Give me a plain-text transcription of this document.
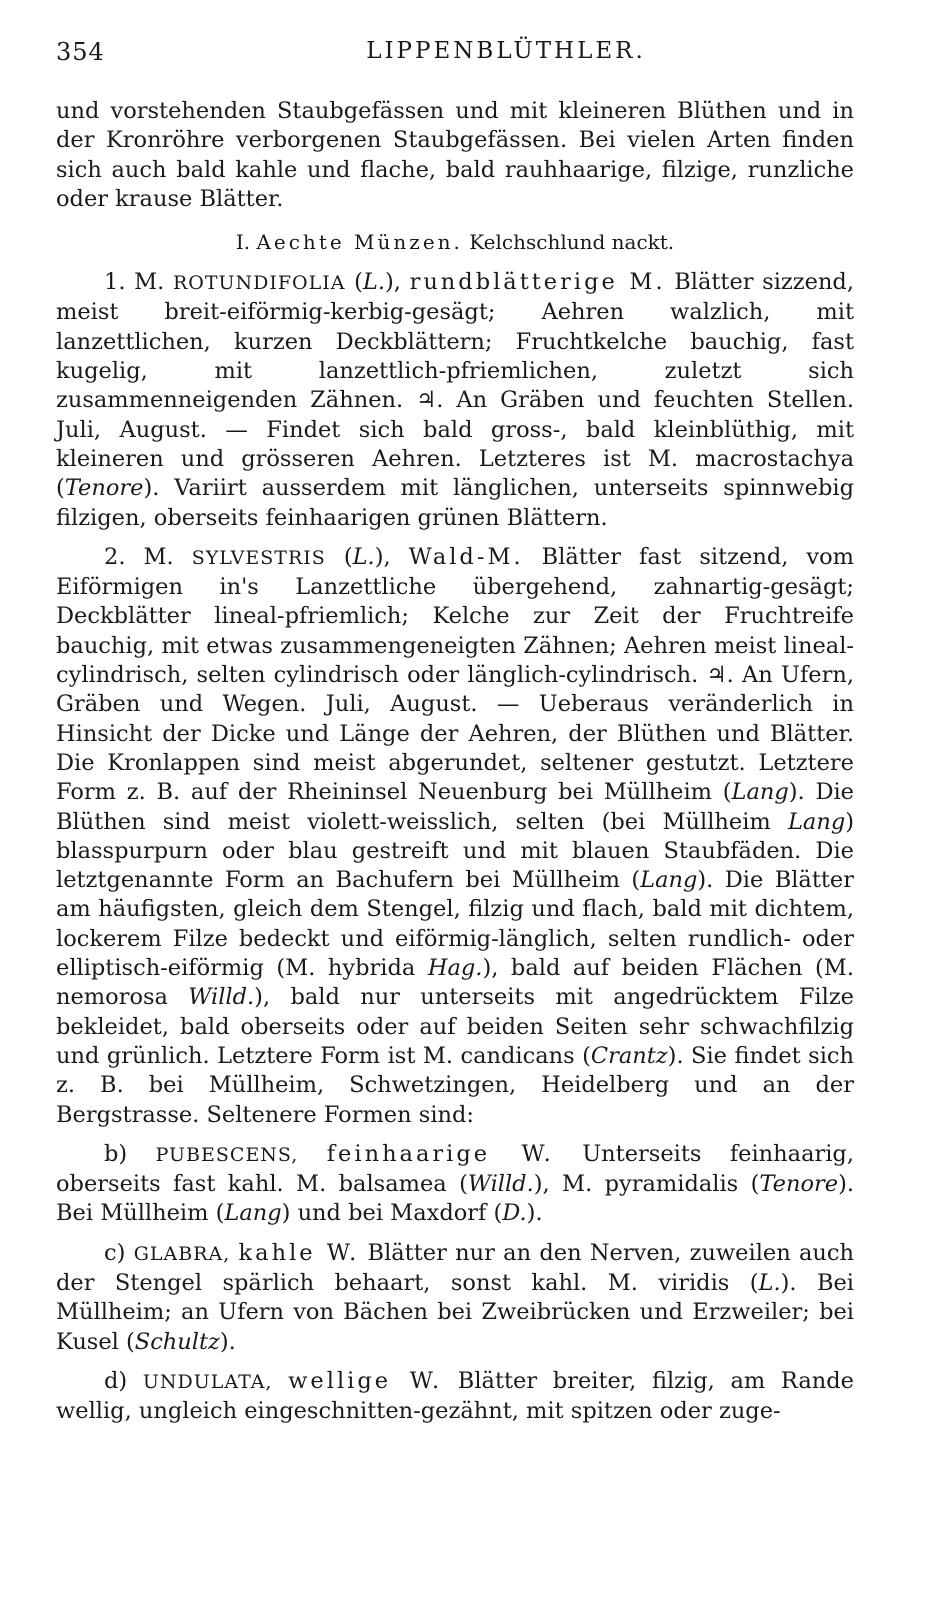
354	LIPPENBLÜTHLER.

und vorstehenden Staubgefässen und mit kleineren Blüthen und in der Kronröhre verborgenen Staubgefässen. Bei vielen Arten finden sich auch bald kahle und flache, bald rauhhaarige, filzige, runzliche oder krause Blätter.

I. Aechte Münzen. Kelchschlund nackt.

1. M. ROTUNDIFOLIA (L.), rundblätterige M. Blätter sizzend, meist breit-eiförmig-kerbig-gesägt; Aehren walzlich, mit lanzettlichen, kurzen Deckblättern; Fruchtkelche bauchig, fast kugelig, mit lanzettlich-pfriemlichen, zuletzt sich zusammenneigenden Zähnen. ♃. An Gräben und feuchten Stellen. Juli, August. — Findet sich bald gross-, bald kleinblüthig, mit kleineren und grösseren Aehren. Letzteres ist M. macrostachya (Tenore). Variirt ausserdem mit länglichen, unterseits spinnwebig filzigen, oberseits feinhaarigen grünen Blättern.

2. M. SYLVESTRIS (L.), Wald-M. Blätter fast sitzend, vom Eiförmigen in's Lanzettliche übergehend, zahnartig-gesägt; Deckblätter lineal-pfriemlich; Kelche zur Zeit der Fruchtreife bauchig, mit etwas zusammengeneigten Zähnen; Aehren meist lineal-cylindrisch, selten cylindrisch oder länglich-cylindrisch. ♃. An Ufern, Gräben und Wegen. Juli, August. — Ueberaus veränderlich in Hinsicht der Dicke und Länge der Aehren, der Blüthen und Blätter. Die Kronlappen sind meist abgerundet, seltener gestutzt. Letztere Form z. B. auf der Rheininsel Neuenburg bei Müllheim (Lang). Die Blüthen sind meist violett-weisslich, selten (bei Müllheim Lang) blasspurpurn oder blau gestreift und mit blauen Staubfäden. Die letztgenannte Form an Bachufern bei Müllheim (Lang). Die Blätter am häufigsten, gleich dem Stengel, filzig und flach, bald mit dichtem, lockerem Filze bedeckt und eiförmig-länglich, selten rundlich- oder elliptisch-eiförmig (M. hybrida Hag.), bald auf beiden Flächen (M. nemorosa Willd.), bald nur unterseits mit angedrücktem Filze bekleidet, bald oberseits oder auf beiden Seiten sehr schwachfilzig und grünlich. Letztere Form ist M. candicans (Crantz). Sie findet sich z. B. bei Müllheim, Schwetzingen, Heidelberg und an der Bergstrasse. Seltenere Formen sind:

b) PUBESCENS, feinhaarige W. Unterseits feinhaarig, oberseits fast kahl. M. balsamea (Willd.), M. pyramidalis (Tenore). Bei Müllheim (Lang) und bei Maxdorf (D.).

c) GLABRA, kahle W. Blätter nur an den Nerven, zuweilen auch der Stengel spärlich behaart, sonst kahl. M. viridis (L.). Bei Müllheim; an Ufern von Bächen bei Zweibrücken und Erzweiler; bei Kusel (Schultz).

d) UNDULATA, wellige W. Blätter breiter, filzig, am Rande wellig, ungleich eingeschnitten-gezähnt, mit spitzen oder zuge-
